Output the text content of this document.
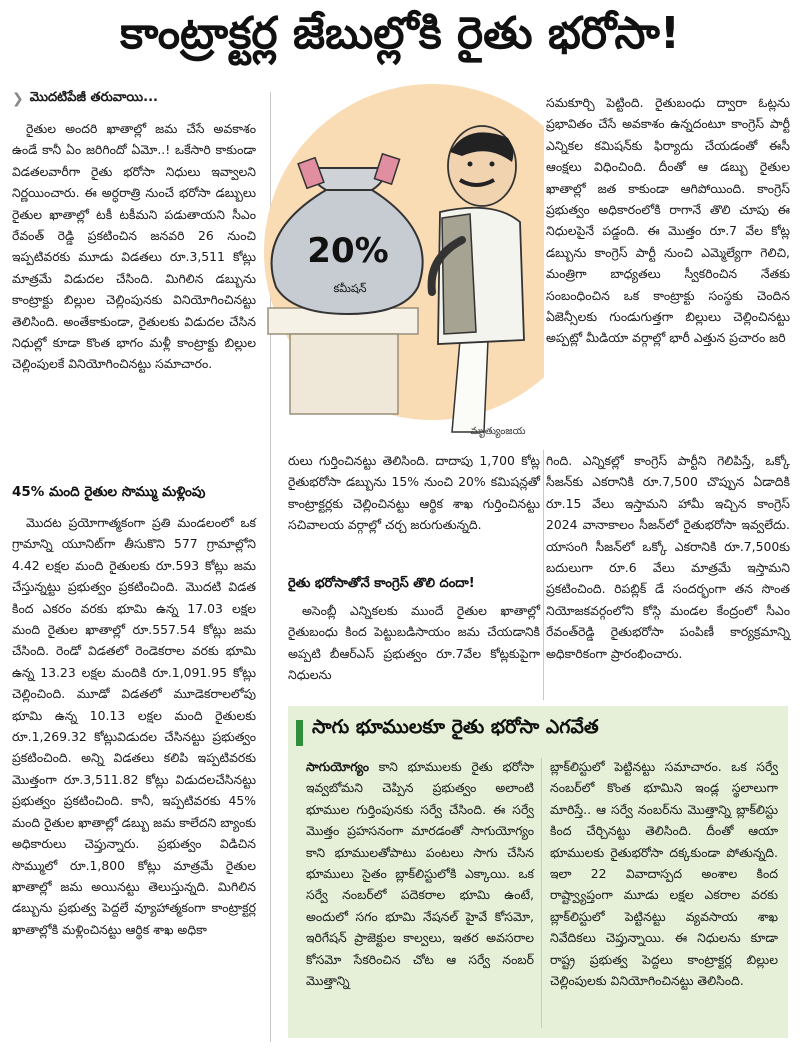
కాంట్రాక్టర్ల జేబుల్లోకి రైతు భరోసా!
❯ మొదటిపేజీ తరువాయి...

రైతుల అందరి ఖాతాల్లో జమ చేసే అవకాశం ఉండే కానీ ఏం జరిగిందో ఏమో..! ఒకేసారి కాకుండా విడతలవారీగా రైతు భరోసా నిధులు ఇవ్వాలని నిర్ణయించారు. ఈ అర్ధరాత్రి నుంచే భరోసా డబ్బులు రైతుల ఖాతాల్లో టకీ టకీమని పడుతాయని సీఎం రేవంత్ రెడ్డి ప్రకటించిన జనవరి 26 నుంచి ఇప్పటివరకు మూడు విడతలు రూ.3,511 కోట్లు మాత్రమే విడుదల చేసింది. మిగిలిన డబ్బును కాంట్రాక్టు బిల్లుల చెల్లింపునకు వినియోగించినట్టు తెలిసింది. అంతేకాకుండా, రైతులకు విడుదల చేసిన నిధుల్లో కూడా కొంత భాగం మళ్లీ కాంట్రాక్టు బిల్లుల చెల్లింపులకే వినియోగించినట్టు సమాచారం.

45% మంది రైతుల సొమ్ము మళ్లింపు

మొదట ప్రయోగాత్మకంగా ప్రతి మండలంలో ఒక గ్రామాన్ని యూనిట్‌గా తీసుకొని 577 గ్రామాల్లోని 4.42 లక్షల మంది రైతులకు రూ.593 కోట్లు జమ చేస్తున్నట్టు ప్రభుత్వం ప్రకటించింది. మొదటి విడత కింద ఎకరం వరకు భూమి ఉన్న 17.03 లక్షల మంది రైతుల ఖాతాల్లో రూ.557.54 కోట్లు జమ చేసింది. రెండో విడతలో రెండెకరాల వరకు భూమి ఉన్న 13.23 లక్షల మందికి రూ.1,091.95 కోట్లు చెల్లించింది. మూడో విడతలో మూడెకరాలలోపు భూమి ఉన్న 10.13 లక్షల మంది రైతులకు రూ.1,269.32 కోట్లువిడుదల చేసినట్టు ప్రభుత్వం ప్రకటించింది. అన్ని విడతలు కలిపి ఇప్పటివరకు మొత్తంగా రూ.3,511.82 కోట్లు విడుదలచేసినట్టు ప్రభుత్వం ప్రకటించింది. కానీ, ఇప్పటివరకు 45% మంది రైతుల ఖాతాల్లో డబ్బు జమ కాలేదని బ్యాంకు అధికారులు చెప్తున్నారు. ప్రభుత్వం విడిచిన సొమ్ములో రూ.1,800 కోట్లు మాత్రమే రైతుల ఖాతాల్లో జమ అయినట్టు తెలుస్తున్నది. మిగిలిన డబ్బును ప్రభుత్వ పెద్దలే వ్యూహాత్మకంగా కాంట్రాక్టర్ల ఖాతాల్లోకి మళ్లించినట్టు ఆర్థిక శాఖ అధికా

20%
కమీషన్
మృత్యుంజయ

రులు గుర్తించినట్టు తెలిసింది. దాదాపు 1,700 కోట్ల రైతుభరోసా డబ్బును 15% నుంచి 20% కమిషన్లతో కాంట్రాక్టర్లకు చెల్లించినట్టు ఆర్థిక శాఖ గుర్తించినట్టు సచివాలయ వర్గాల్లో చర్చ జరుగుతున్నది.

రైతు భరోసాతోనే కాంగ్రెస్ తొలి దందా!

అసెంబ్లీ ఎన్నికలకు ముందే రైతుల ఖాతాల్లో రైతుబంధు కింద పెట్టుబడిసాయం జమ చేయడానికి అప్పటి బీఆర్ఎస్ ప్రభుత్వం రూ.7వేల కోట్లకుపైగా నిధులను

సమకూర్చి పెట్టింది. రైతుబంధు ద్వారా ఓట్లను ప్రభావితం చేసే అవకాశం ఉన్నదంటూ కాంగ్రెస్ పార్టీ ఎన్నికల కమిషన్‌కు ఫిర్యాదు చేయడంతో ఈసీ ఆంక్షలు విధించింది. దీంతో ఆ డబ్బు రైతుల ఖాతాల్లో జత కాకుండా ఆగిపోయింది. కాంగ్రెస్ ప్రభుత్వం అధికారంలోకి రాగానే తొలి చూపు ఈ నిధులపైనే పడ్డంది. ఈ మొత్తం రూ.7 వేల కోట్ల డబ్బును కాంగ్రెస్ పార్టీ నుంచి ఎమ్మెల్యేగా గెలిచి, మంత్రిగా బాధ్యతలు స్వీకరించిన నేతకు సంబంధించిన ఒక కాంట్రాక్టు సంస్థకు చెందిన ఏజెన్సీలకు గుండుగుత్తగా బిల్లులు చెల్లించినట్టు అప్పట్లో మీడియా వర్గాల్లో భారీ ఎత్తున ప్రచారం జరి

గింది. ఎన్నికల్లో కాంగ్రెస్ పార్టీని గెలిపిస్తే, ఒక్కో సీజన్‌కు ఎకరానికి రూ.7,500 చొప్పున ఏడాదికి రూ.15 వేలు ఇస్తామని హామీ ఇచ్చిన కాంగ్రెస్ 2024 వానాకాలం సీజన్‌లో రైతుభరోసా ఇవ్వలేదు. యాసంగి సీజన్‌లో ఒక్కో ఎకరానికి రూ.7,500కు బదులుగా రూ.6 వేలు మాత్రమే ఇస్తామని ప్రకటించింది. రిపబ్లిక్ డే సందర్భంగా తన సొంత నియోజకవర్గంలోని కోస్గి మండల కేంద్రంలో సీఎం రేవంత్‌రెడ్డి రైతుభరోసా పంపిణీ కార్యక్రమాన్ని అధికారికంగా ప్రారంభించారు.

సాగు భూములకూ రైతు భరోసా ఎగవేత

సాగుయోగ్యం కాని భూములకు రైతు భరోసా ఇవ్వబోమని చెప్పిన ప్రభుత్వం అలాంటి భూముల గుర్తింపునకు సర్వే చేసింది. ఈ సర్వే మొత్తం ప్రహసనంగా మారడంతో సాగుయోగ్యం కాని భూములతోపాటు పంటలు సాగు చేసిన భూములు సైతం బ్లాక్‌లిస్టులోకి ఎక్కాయి. ఒక సర్వే నంబర్‌లో పదెకరాల భూమి ఉంటే, అందులో సగం భూమి నేషనల్ హైవే కోసమో, ఇరిగేషన్ ప్రాజెక్టుల కాల్వలు, ఇతర అవసరాల కోసమో సేకరించిన చోట ఆ సర్వే నంబర్ మొత్తాన్ని

బ్లాక్‌లిస్టులో పెట్టినట్టు సమాచారం. ఒక సర్వే నంబర్‌లో కొంత భూమిని ఇండ్ల స్థలాలుగా మారిస్తే.. ఆ సర్వే నంబర్‌ను మొత్తాన్ని బ్లాక్‌లిస్టు కింద చేర్చినట్టు తెలిసింది. దీంతో ఆయా భూములకు రైతుభరోసా దక్కకుండా పోతున్నది. ఇలా 22 వివాదాస్పద అంశాల కింద రాష్ట్వ్యాప్తంగా మూడు లక్షల ఎకరాల వరకు బ్లాక్‌లిస్టులో పెట్టినట్టు వ్యవసాయ శాఖ నివేదికలు చెప్తున్నాయి. ఈ నిధులను కూడా రాష్ట్ర ప్రభుత్వ పెద్దలు కాంట్రాక్టర్ల బిల్లుల చెల్లింపులకు వినియోగించినట్టు తెలిసింది.
